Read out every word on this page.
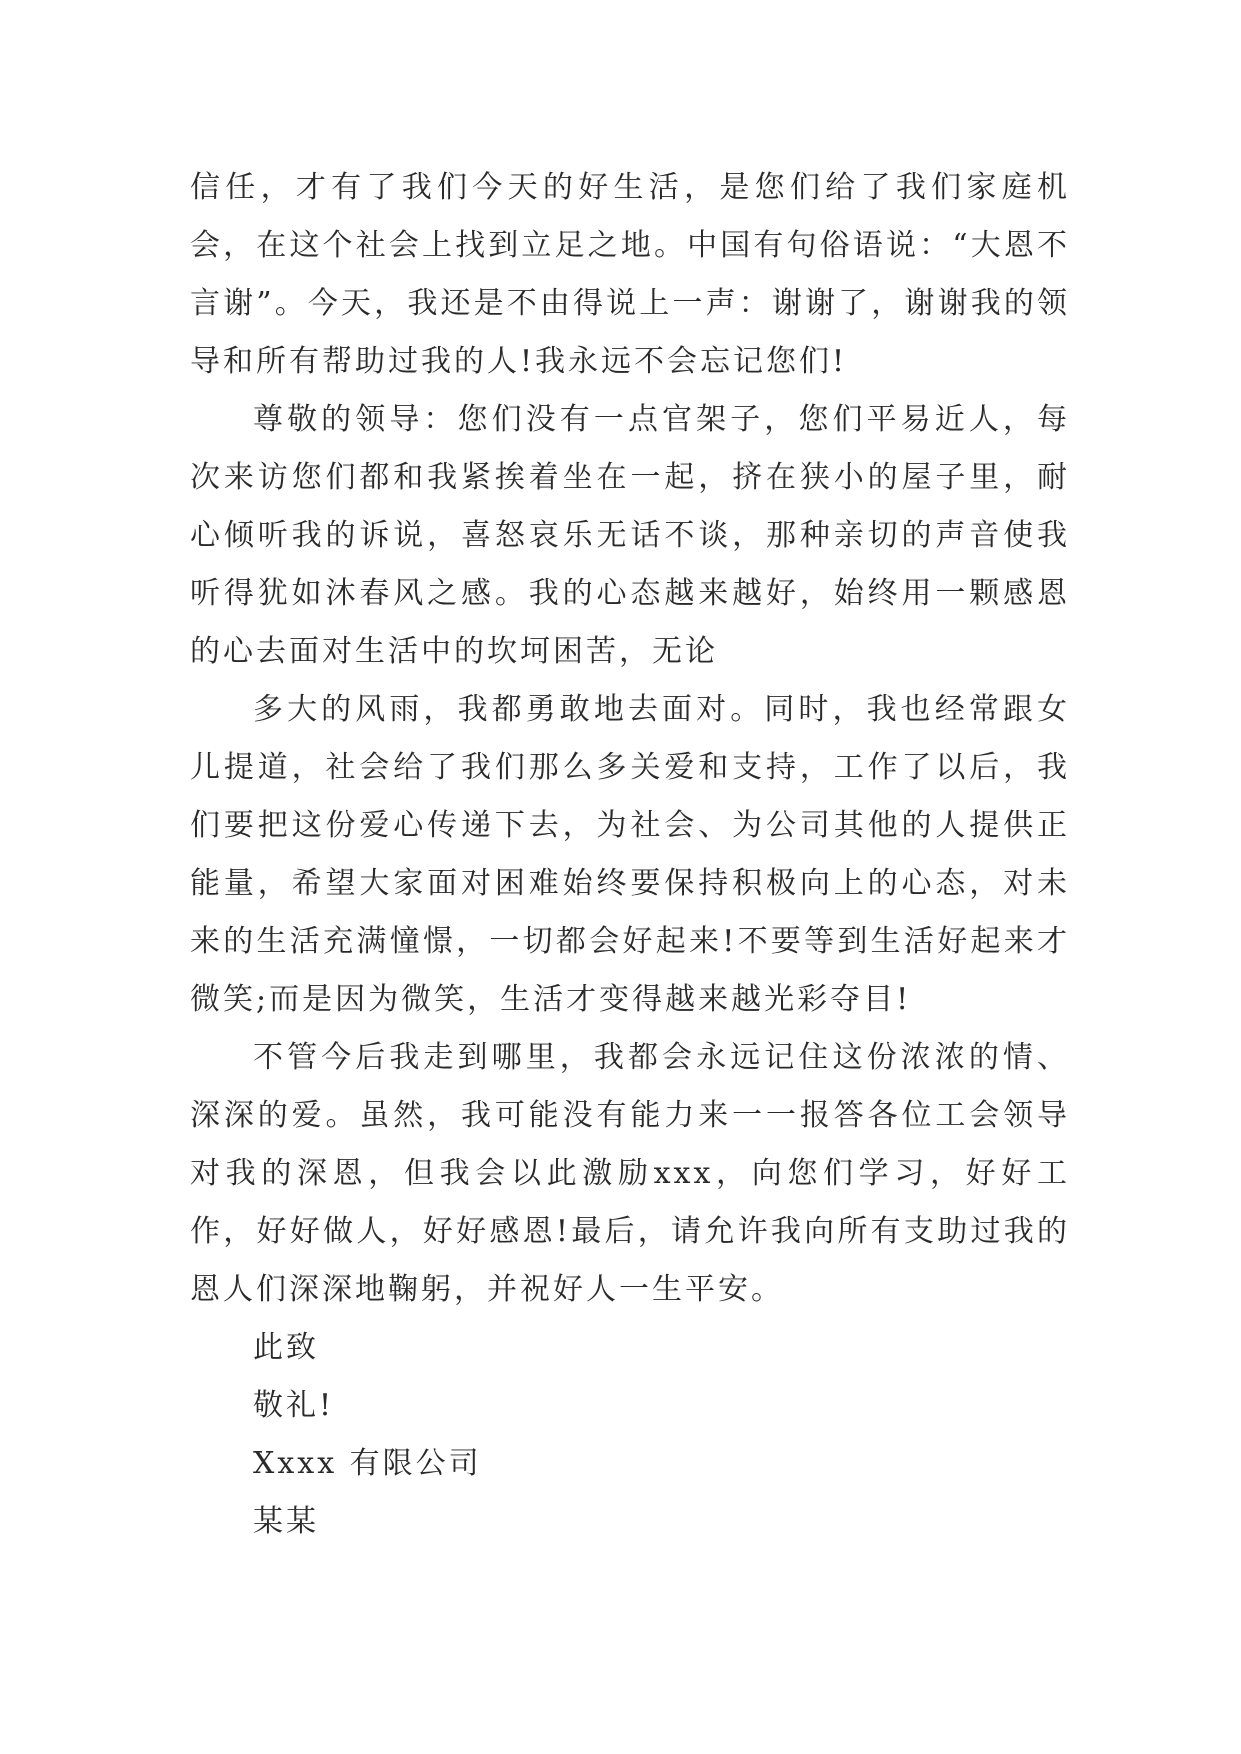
信任，才有了我们今天的好生活，是您们给了我们家庭机会，在这个社会上找到立足之地。中国有句俗语说：“大恩不言谢”。今天，我还是不由得说上一声：谢谢了，谢谢我的领导和所有帮助过我的人!我永远不会忘记您们!

尊敬的领导：您们没有一点官架子，您们平易近人，每次来访您们都和我紧挨着坐在一起，挤在狭小的屋子里，耐心倾听我的诉说，喜怒哀乐无话不谈，那种亲切的声音使我听得犹如沐春风之感。我的心态越来越好，始终用一颗感恩的心去面对生活中的坎坷困苦，无论

多大的风雨，我都勇敢地去面对。同时，我也经常跟女儿提道，社会给了我们那么多关爱和支持，工作了以后，我们要把这份爱心传递下去，为社会、为公司其他的人提供正能量，希望大家面对困难始终要保持积极向上的心态，对未来的生活充满憧憬，一切都会好起来!不要等到生活好起来才微笑;而是因为微笑，生活才变得越来越光彩夺目!

不管今后我走到哪里，我都会永远记住这份浓浓的情、深深的爱。虽然，我可能没有能力来一一报答各位工会领导对我的深恩，但我会以此激励xxx，向您们学习，好好工作，好好做人，好好感恩!最后，请允许我向所有支助过我的恩人们深深地鞠躬，并祝好人一生平安。

此致

敬礼!

Xxxx 有限公司

某某
